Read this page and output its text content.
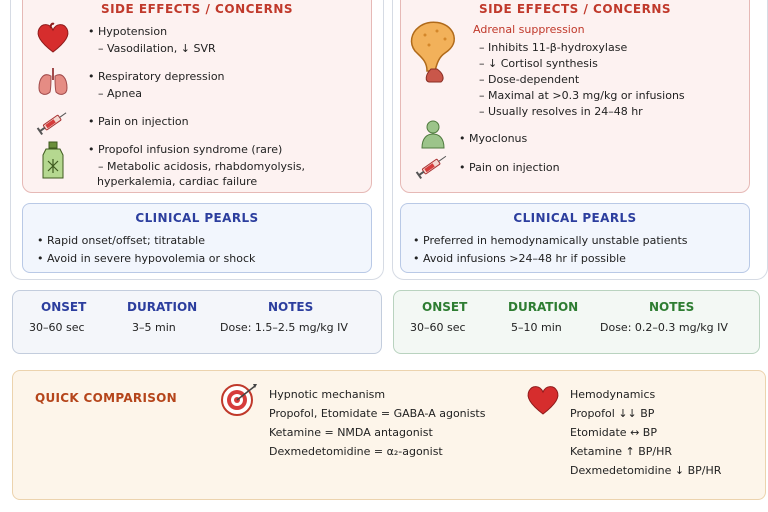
SIDE EFFECTS / CONCERNS
• Hypotension
– Vasodilation, ↓ SVR
• Respiratory depression
– Apnea
• Pain on injection
• Propofol infusion syndrome (rare)
– Metabolic acidosis, rhabdomyolysis,
hyperkalemia, cardiac failure
SIDE EFFECTS / CONCERNS
Adrenal suppression
– Inhibits 11-β-hydroxylase
– ↓ Cortisol synthesis
– Dose-dependent
– Maximal at >0.3 mg/kg or infusions
– Usually resolves in 24–48 hr
• Myoclonus
• Pain on injection
CLINICAL PEARLS
• Rapid onset/offset; titratable
• Avoid in severe hypovolemia or shock
CLINICAL PEARLS
• Preferred in hemodynamically unstable patients
• Avoid infusions >24–48 hr if possible
ONSET	DURATION	NOTES
30–60 sec	3–5 min	Dose: 1.5–2.5 mg/kg IV
ONSET	DURATION	NOTES
30–60 sec	5–10 min	Dose: 0.2–0.3 mg/kg IV
QUICK COMPARISON	Hypnotic mechanism
Propofol, Etomidate = GABA-A agonists
Ketamine = NMDA antagonist
Dexmedetomidine = α₂-agonist
Hemodynamics
Propofol ↓↓ BP
Etomidate ↔ BP
Ketamine ↑ BP/HR
Dexmedetomidine ↓ BP/HR
